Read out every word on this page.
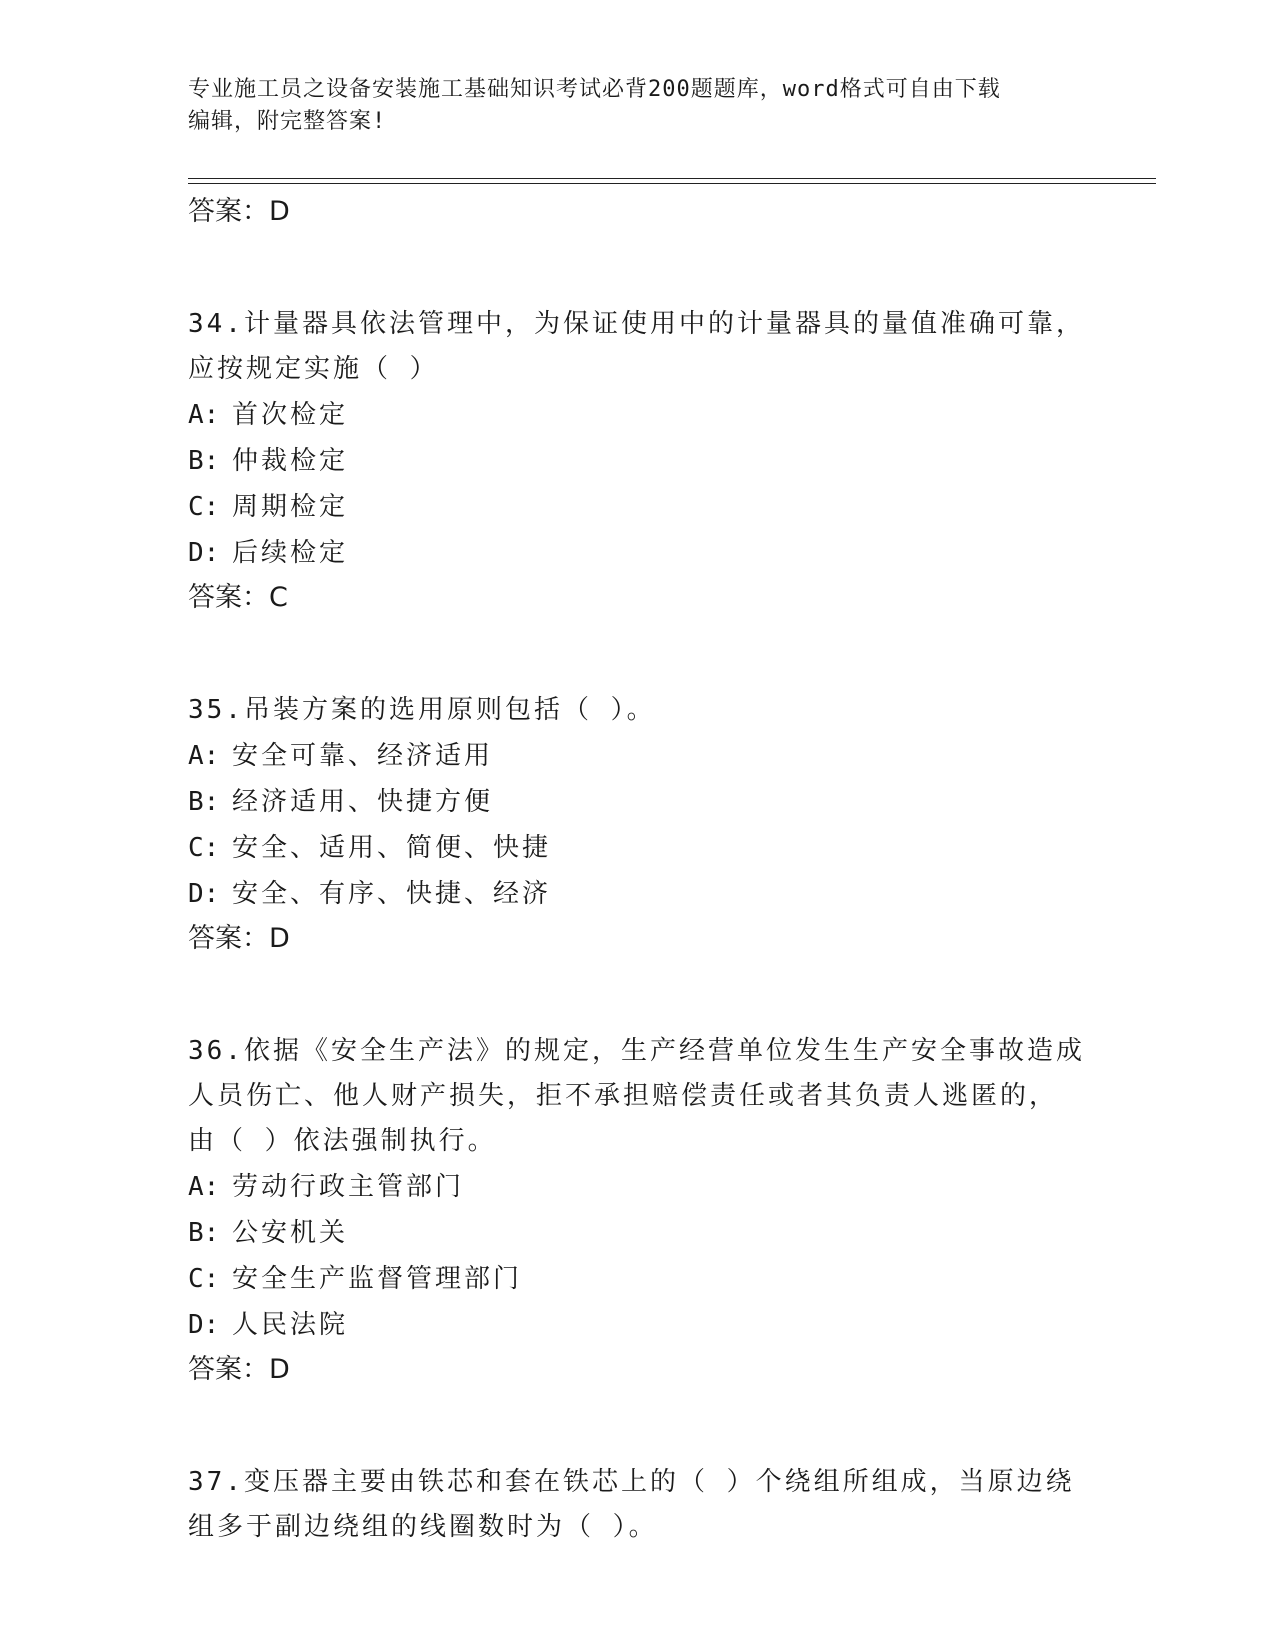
专业施工员之设备安装施工基础知识考试必背200题题库，word格式可自由下载
编辑，附完整答案!
答案：D
34.计量器具依法管理中，为保证使用中的计量器具的量值准确可靠，
应按规定实施（ ）
A: 首次检定
B: 仲裁检定
C: 周期检定
D: 后续检定
答案：C
35.吊装方案的选用原则包括（ ）。
A: 安全可靠、经济适用
B: 经济适用、快捷方便
C: 安全、适用、简便、快捷
D: 安全、有序、快捷、经济
答案：D
36.依据《安全生产法》的规定，生产经营单位发生生产安全事故造成
人员伤亡、他人财产损失，拒不承担赔偿责任或者其负责人逃匿的，
由（ ）依法强制执行。
A: 劳动行政主管部门
B: 公安机关
C: 安全生产监督管理部门
D: 人民法院
答案：D
37.变压器主要由铁芯和套在铁芯上的（ ）个绕组所组成，当原边绕
组多于副边绕组的线圈数时为（ ）。
